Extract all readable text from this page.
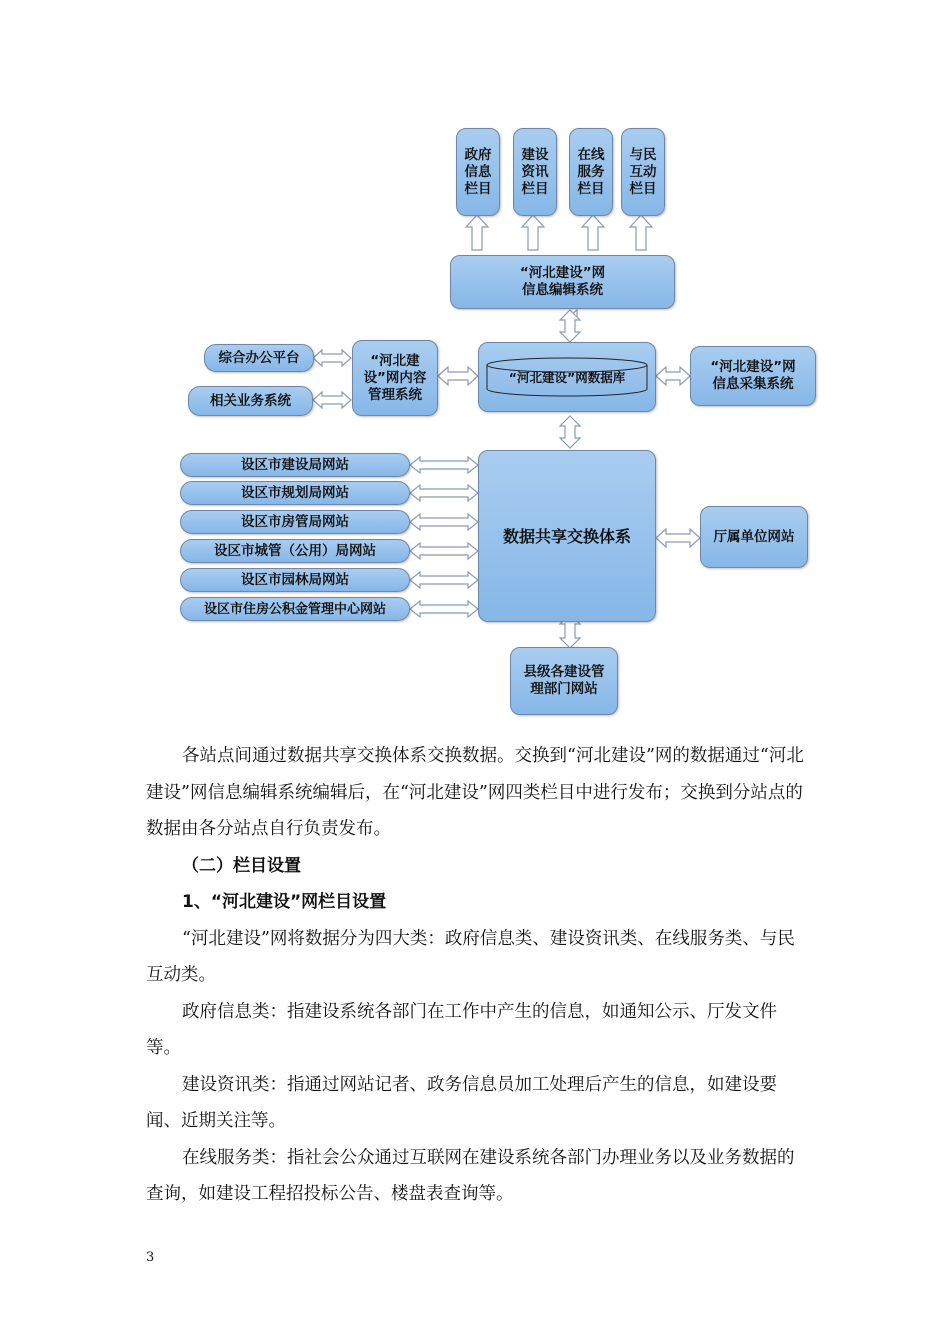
政府
信息
栏目
建设
资讯
栏目
在线
服务
栏目
与民
互动
栏目
“河北建设”网
信息编辑系统
“河北建设”网数据库
“河北建
设”网内容
管理系统
综合办公平台
相关业务系统
“河北建设”网
信息采集系统
数据共享交换体系	厅属单位网站
县级各建设管
理部门网站
设区市建设局网站
设区市规划局网站
设区市房管局网站
设区市城管（公用）局网站
设区市园林局网站
设区市住房公积金管理中心网站

各站点间通过数据共享交换体系交换数据。交换到“河北建设”网的数据通过“河北建设”网信息编辑系统编辑后，在“河北建设”网四类栏目中进行发布；交换到分站点的数据由各分站点自行负责发布。

（二）栏目设置

1、“河北建设”网栏目设置

“河北建设”网将数据分为四大类：政府信息类、建设资讯类、在线服务类、与民互动类。

政府信息类：指建设系统各部门在工作中产生的信息，如通知公示、厅发文件等。

建设资讯类：指通过网站记者、政务信息员加工处理后产生的信息，如建设要闻、近期关注等。

在线服务类：指社会公众通过互联网在建设系统各部门办理业务以及业务数据的查询，如建设工程招投标公告、楼盘表查询等。

3
